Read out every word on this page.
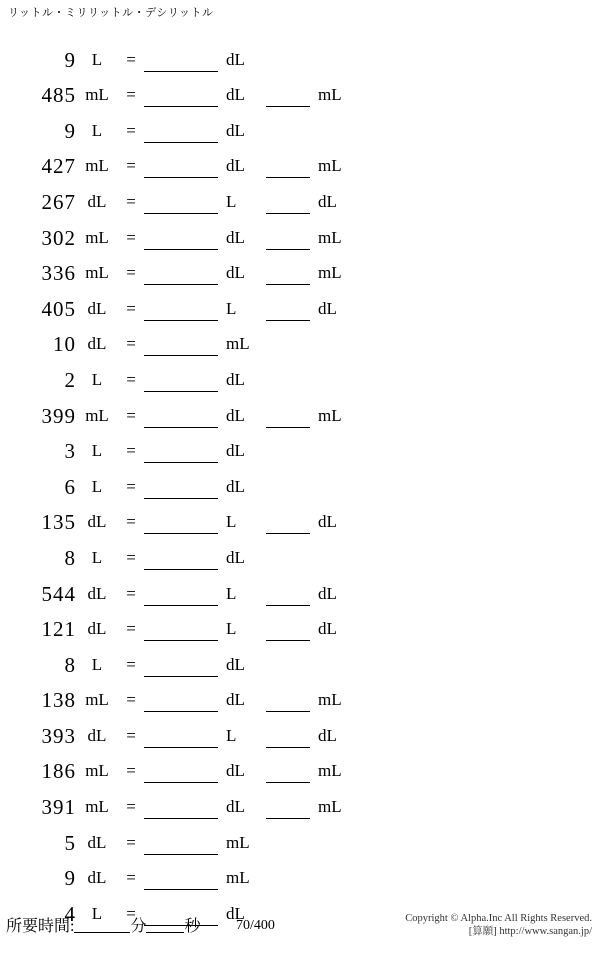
リットル・ミリリットル・デシリットル
9 L	=	dL
485 mL	=	dL	mL
9 L	=	dL
427 mL	=	dL	mL
267 dL	=	L	dL
302 mL	=	dL	mL
336 mL	=	dL	mL
405 dL	=	L	dL
10 dL	=	mL
2 L	=	dL
399 mL	=	dL	mL
3 L	=	dL
6 L	=	dL
135 dL	=	L	dL
8 L	=	dL
544 dL	=	L	dL
121 dL	=	L	dL
8 L	=	dL
138 mL	=	dL	mL
393 dL	=	L	dL
186 mL	=	dL	mL
391 mL	=	dL	mL
5 dL	=	mL
9 dL	=	mL
4 L	=	dL
所要時間:	分 秒	70/400	Copyright © Alpha.Inc All Rights Reserved.
[算願] http://www.sangan.jp/
